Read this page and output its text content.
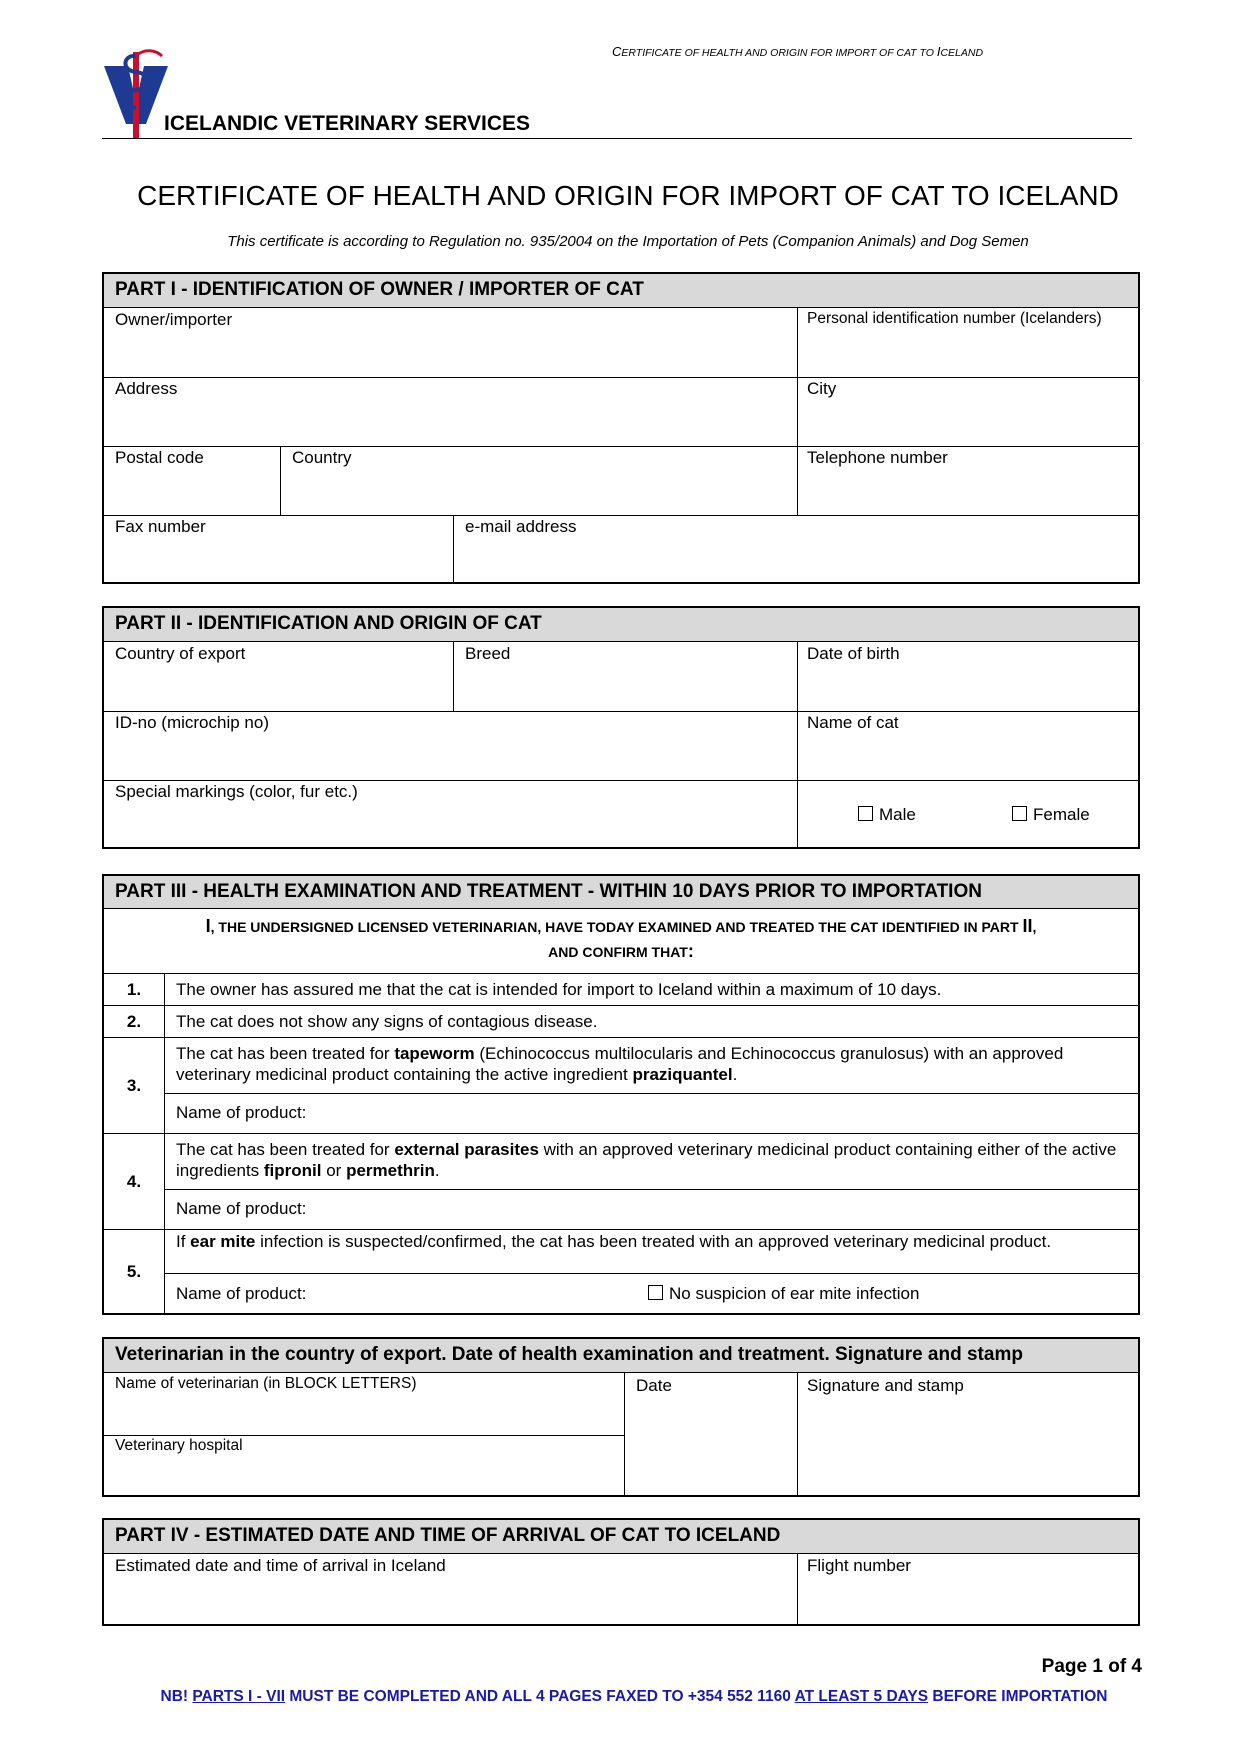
CERTIFICATE OF HEALTH AND ORIGIN FOR IMPORT OF CAT TO ICELAND
ICELANDIC VETERINARY SERVICES
CERTIFICATE OF HEALTH AND ORIGIN FOR IMPORT OF CAT TO ICELAND
This certificate is according to Regulation no. 935/2004 on the Importation of Pets (Companion Animals) and Dog Semen
PART I - IDENTIFICATION OF OWNER / IMPORTER OF CAT
Owner/importer	Personal identification number (Icelanders)
Address	City
Postal code	Country	Telephone number
Fax number	e-mail address
PART II - IDENTIFICATION AND ORIGIN OF CAT
Country of export	Breed	Date of birth
ID-no (microchip no)	Name of cat
Special markings (color, fur etc.)
Male	Female
PART III - HEALTH EXAMINATION AND TREATMENT - WITHIN 10 DAYS PRIOR TO IMPORTATION
I, THE UNDERSIGNED LICENSED VETERINARIAN, HAVE TODAY EXAMINED AND TREATED THE CAT IDENTIFIED IN PART II,
AND CONFIRM THAT:
1.	The owner has assured me that the cat is intended for import to Iceland within a maximum of 10 days.
2.	The cat does not show any signs of contagious disease.
3.
The cat has been treated for tapeworm (Echinococcus multilocularis and Echinococcus granulosus) with an approved veterinary medicinal product containing the active ingredient praziquantel.
Name of product:
4.
The cat has been treated for external parasites with an approved veterinary medicinal product containing either of the active ingredients fipronil or permethrin.
Name of product:
5.
If ear mite infection is suspected/confirmed, the cat has been treated with an approved veterinary medicinal product.
Name of product:	No suspicion of ear mite infection
Veterinarian in the country of export. Date of health examination and treatment. Signature and stamp
Name of veterinarian (in BLOCK LETTERS)	Date	Signature and stamp
Veterinary hospital
PART IV - ESTIMATED DATE AND TIME OF ARRIVAL OF CAT TO ICELAND
Estimated date and time of arrival in Iceland	Flight number
Page 1 of 4
NB! PARTS I - VII MUST BE COMPLETED AND ALL 4 PAGES FAXED TO +354 552 1160 AT LEAST 5 DAYS BEFORE IMPORTATION
